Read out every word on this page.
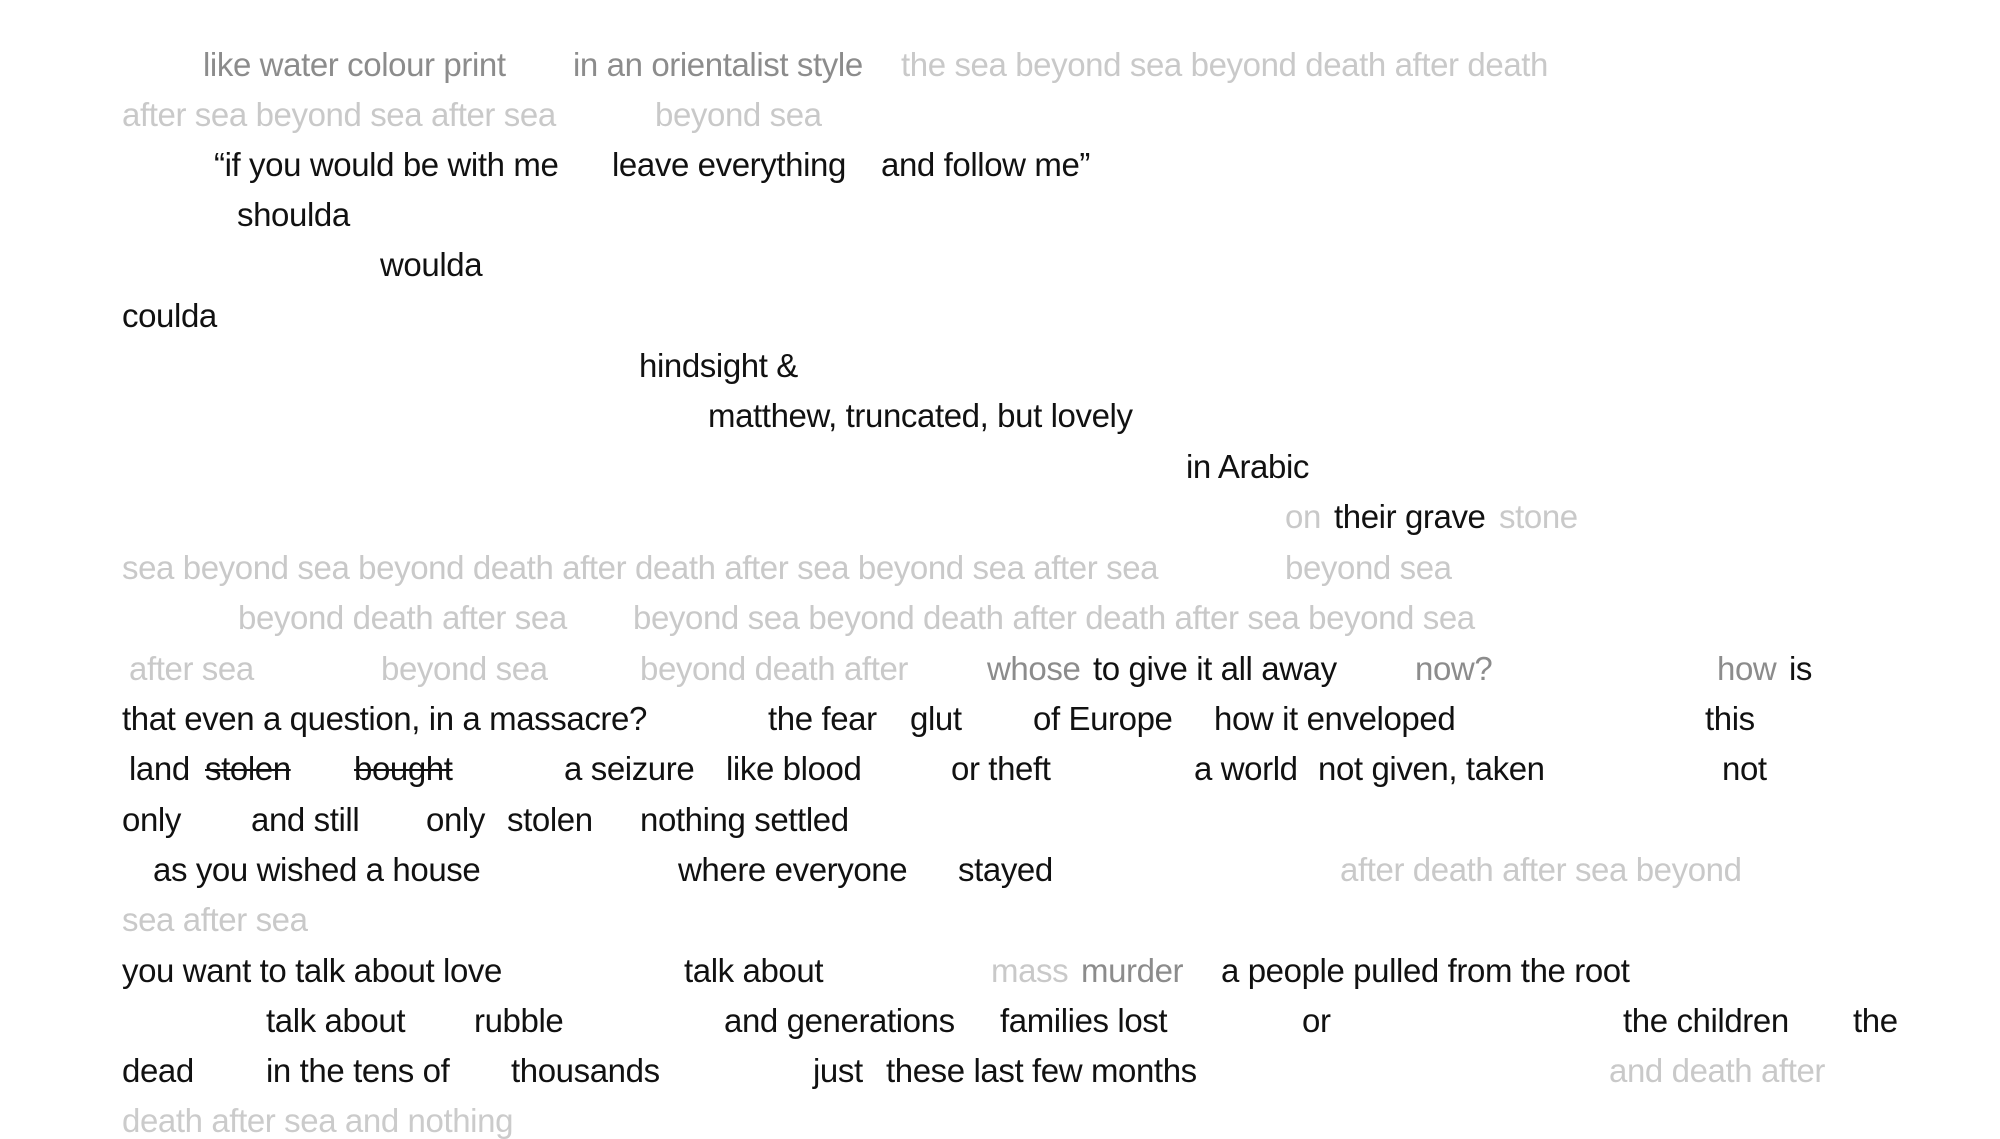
like water colour print in an orientalist style the sea beyond sea beyond death after death
after sea beyond sea after sea	beyond sea
“if you would be with me leave everything and follow me”
shoulda
woulda
coulda
hindsight &
matthew, truncated, but lovely
in Arabic
on their grave stone
sea beyond sea beyond death after death after sea beyond sea after sea	beyond sea
beyond death after sea beyond sea beyond death after death after sea beyond sea
after sea	beyond sea	beyond death after whose to give it all away now?	how is
that even a question, in a massacre?	the fear glut of Europe how it enveloped	this
land stolen bought	a seizure like blood	or theft	a world not given, taken	not
only and still only stolen nothing settled
as you wished a house	where everyone stayed	after death after sea beyond
sea after sea
you want to talk about love	talk about	mass murder a people pulled from the root
talk about rubble	and generations families lost	or	the children the
dead in the tens of thousands	just these last few months	and death after
death after sea and nothing
